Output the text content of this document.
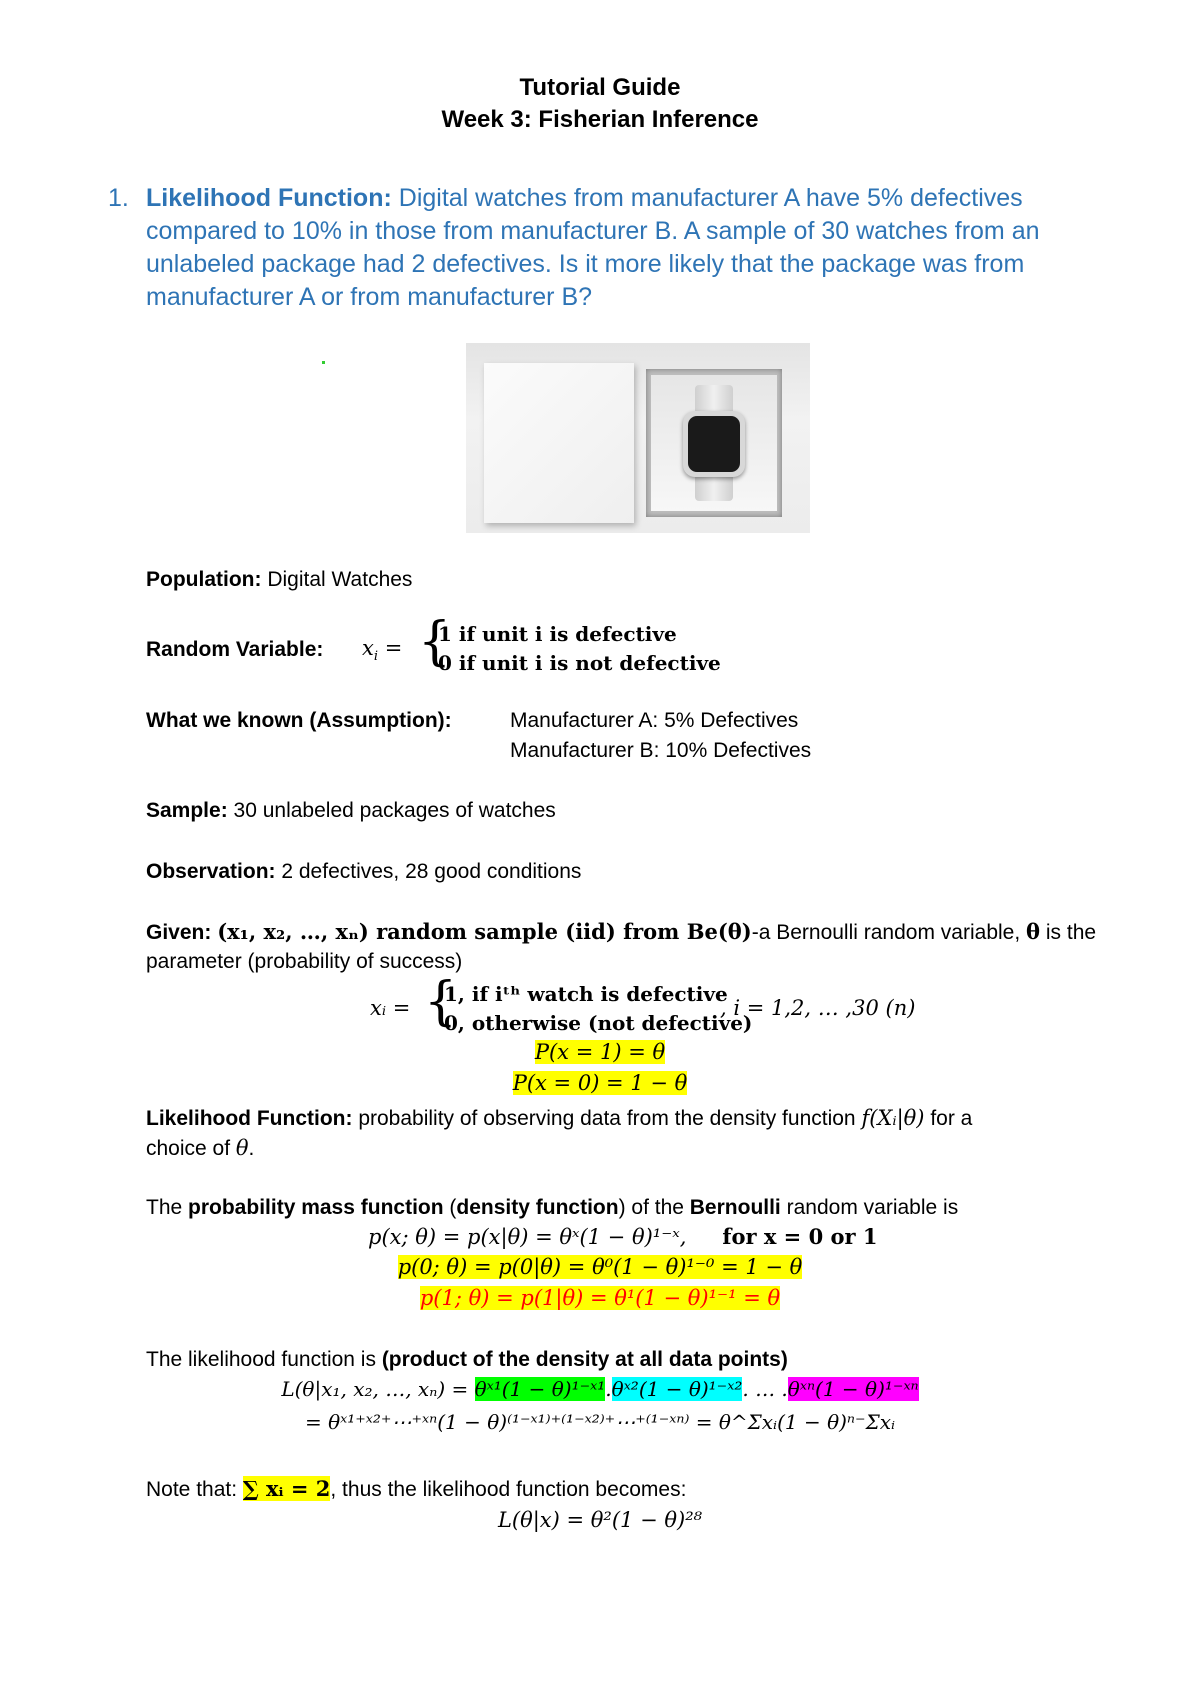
Tutorial Guide
Week 3: Fisherian Inference
1. Likelihood Function: Digital watches from manufacturer A have 5% defectives compared to 10% in those from manufacturer B. A sample of 30 watches from an unlabeled package had 2 defectives. Is it more likely that the package was from manufacturer A or from manufacturer B?
Population: Digital Watches
Random Variable: $x_i$ = {
1 if unit i is defective
0 if unit i is not defective
What we known (Assumption):	Manufacturer A: 5% Defectives
Manufacturer B: 10% Defectives
Sample: 30 unlabeled packages of watches
Observation: 2 defectives, 28 good conditions
Given: (x₁, x₂, …, xₙ) random sample (iid) from Be(θ)-a Bernoulli random variable, θ is the
parameter (probability of success)
xᵢ = {
1, if iᵗʰ watch is defective
0, otherwise (not defective)
, i = 1,2, … ,30 (n)
P(x = 1) = θ
P(x = 0) = 1 − θ
Likelihood Function: probability of observing data from the density function f(Xᵢ|θ) for a
choice of θ.
The probability mass function (density function) of the Bernoulli random variable is
p(x; θ) = p(x|θ) = θˣ(1 − θ)¹⁻ˣ, for x = 0 or 1
p(0; θ) = p(0|θ) = θ⁰(1 − θ)¹⁻⁰ = 1 − θ
p(1; θ) = p(1|θ) = θ¹(1 − θ)¹⁻¹ = θ
The likelihood function is (product of the density at all data points)
L(θ|x₁, x₂, …, xₙ) = θˣ¹(1 − θ)¹⁻ˣ¹.θˣ²(1 − θ)¹⁻ˣ². … .θˣⁿ(1 − θ)¹⁻ˣⁿ
= θˣ¹⁺ˣ²⁺⋯⁺ˣⁿ(1 − θ)⁽¹⁻ˣ¹⁾⁺⁽¹⁻ˣ²⁾⁺⋯⁺⁽¹⁻ˣⁿ⁾ = θ^Σxᵢ(1 − θ)ⁿ⁻Σxᵢ
Note that: ∑ xᵢ = 2, thus the likelihood function becomes:
L(θ|x) = θ²(1 − θ)²⁸
